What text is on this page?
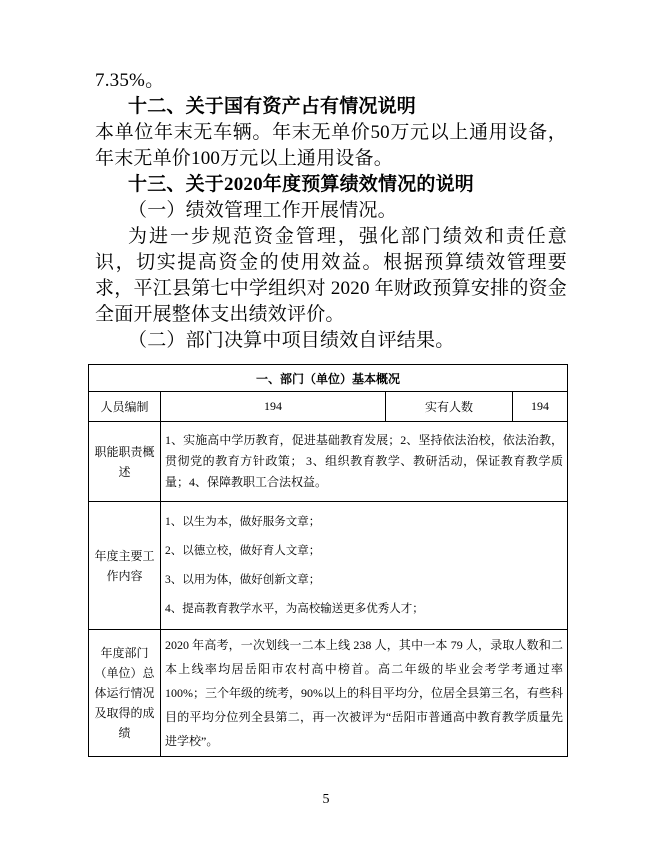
7.35%。

十二、关于国有资产占有情况说明

本单位年末无车辆。年末无单价50万元以上通用设备，年末无单价100万元以上通用设备。

十三、关于2020年度预算绩效情况的说明

（一）绩效管理工作开展情况。

为进一步规范资金管理，强化部门绩效和责任意识，切实提高资金的使用效益。根据预算绩效管理要求，平江县第七中学组织对 2020 年财政预算安排的资金全面开展整体支出绩效评价。

（二）部门决算中项目绩效自评结果。

一、部门（单位）基本概况			
人员编制	194	实有人数	194
职能职责概述	1、实施高中学历教育，促进基础教育发展；2、坚持依法治校，依法治教，贯彻党的教育方针政策； 3、组织教育教学、教研活动，保证教育教学质量；4、保障教职工合法权益。		
年度主要工作内容	1、以生为本，做好服务文章；
2、以德立校，做好育人文章；
3、以用为体，做好创新文章；
4、提高教育教学水平，为高校输送更多优秀人才；		

年度部门（单位）总体运行情况及取得的成绩	2020 年高考，一次划线一二本上线 238 人，其中一本 79 人，录取人数和二本上线率均居岳阳市农村高中榜首。高二年级的毕业会考学考通过率 100%；三个年级的统考，90%以上的科目平均分，位居全县第三名，有些科目的平均分位列全县第二，再一次被评为“岳阳市普通高中教育教学质量先进学校”。		
5
